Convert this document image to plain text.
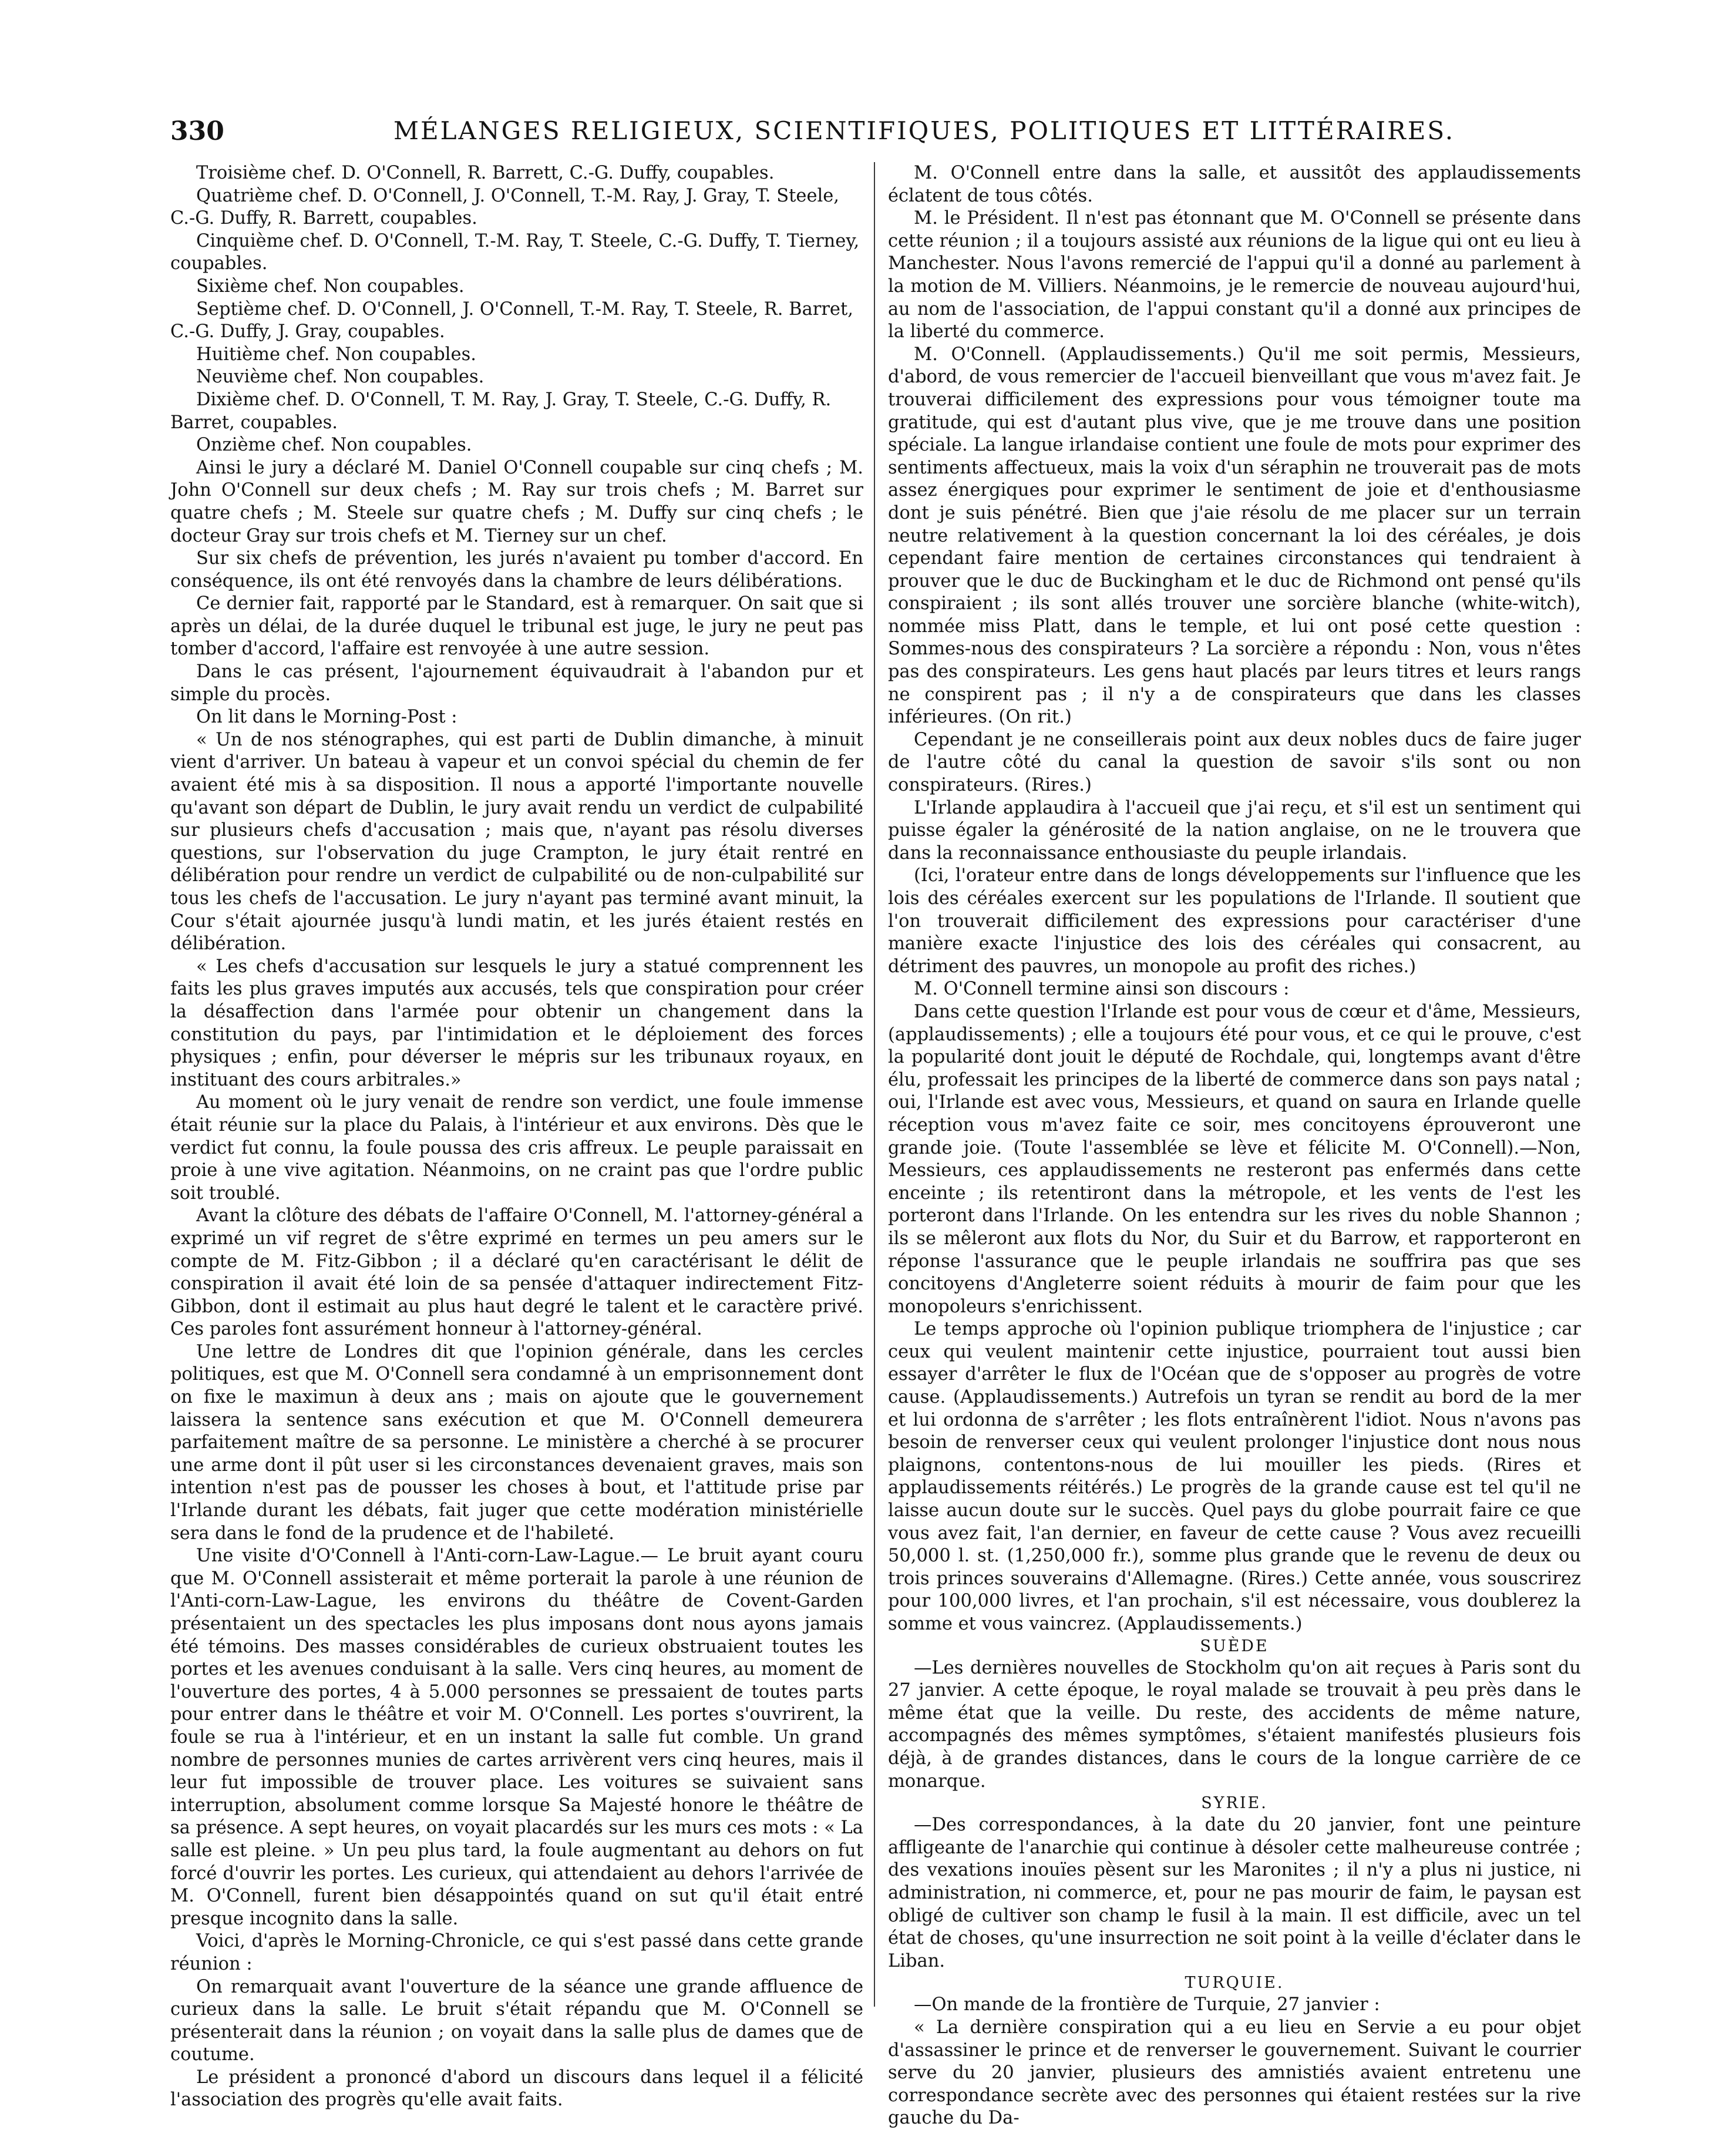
330	MÉLANGES RELIGIEUX, SCIENTIFIQUES, POLITIQUES ET LITTÉRAIRES.

Troisième chef. D. O'Connell, R. Barrett, C.-G. Duffy, coupables.

Quatrième chef. D. O'Connell, J. O'Connell, T.-M. Ray, J. Gray, T. Steele, C.-G. Duffy, R. Barrett, coupables.

Cinquième chef. D. O'Connell, T.-M. Ray, T. Steele, C.-G. Duffy, T. Tierney, coupables.

Sixième chef. Non coupables.

Septième chef. D. O'Connell, J. O'Connell, T.-M. Ray, T. Steele, R. Barret, C.-G. Duffy, J. Gray, coupables.

Huitième chef. Non coupables.

Neuvième chef. Non coupables.

Dixième chef. D. O'Connell, T. M. Ray, J. Gray, T. Steele, C.-G. Duffy, R. Barret, coupables.

Onzième chef. Non coupables.

Ainsi le jury a déclaré M. Daniel O'Connell coupable sur cinq chefs ; M. John O'Connell sur deux chefs ; M. Ray sur trois chefs ; M. Barret sur quatre chefs ; M. Steele sur quatre chefs ; M. Duffy sur cinq chefs ; le docteur Gray sur trois chefs et M. Tierney sur un chef.

Sur six chefs de prévention, les jurés n'avaient pu tomber d'accord. En conséquence, ils ont été renvoyés dans la chambre de leurs délibérations.

Ce dernier fait, rapporté par le Standard, est à remarquer. On sait que si après un délai, de la durée duquel le tribunal est juge, le jury ne peut pas tomber d'accord, l'affaire est renvoyée à une autre session.

Dans le cas présent, l'ajournement équivaudrait à l'abandon pur et simple du procès.

On lit dans le Morning-Post :

« Un de nos sténographes, qui est parti de Dublin dimanche, à minuit vient d'arriver. Un bateau à vapeur et un convoi spécial du chemin de fer avaient été mis à sa disposition. Il nous a apporté l'importante nouvelle qu'avant son départ de Dublin, le jury avait rendu un verdict de culpabilité sur plusieurs chefs d'accusation ; mais que, n'ayant pas résolu diverses questions, sur l'observation du juge Crampton, le jury était rentré en délibération pour rendre un verdict de culpabilité ou de non-culpabilité sur tous les chefs de l'accusation. Le jury n'ayant pas terminé avant minuit, la Cour s'était ajournée jusqu'à lundi matin, et les jurés étaient restés en délibération.

« Les chefs d'accusation sur lesquels le jury a statué comprennent les faits les plus graves imputés aux accusés, tels que conspiration pour créer la désaffection dans l'armée pour obtenir un changement dans la constitution du pays, par l'intimidation et le déploiement des forces physiques ; enfin, pour déverser le mépris sur les tribunaux royaux, en instituant des cours arbitrales.»

Au moment où le jury venait de rendre son verdict, une foule immense était réunie sur la place du Palais, à l'intérieur et aux environs. Dès que le verdict fut connu, la foule poussa des cris affreux. Le peuple paraissait en proie à une vive agitation. Néanmoins, on ne craint pas que l'ordre public soit troublé.

Avant la clôture des débats de l'affaire O'Connell, M. l'attorney-général a exprimé un vif regret de s'être exprimé en termes un peu amers sur le compte de M. Fitz-Gibbon ; il a déclaré qu'en caractérisant le délit de conspiration il avait été loin de sa pensée d'attaquer indirectement Fitz-Gibbon, dont il estimait au plus haut degré le talent et le caractère privé. Ces paroles font assurément honneur à l'attorney-général.

Une lettre de Londres dit que l'opinion générale, dans les cercles politiques, est que M. O'Connell sera condamné à un emprisonnement dont on fixe le maximun à deux ans ; mais on ajoute que le gouvernement laissera la sentence sans exécution et que M. O'Connell demeurera parfaitement maître de sa personne. Le ministère a cherché à se procurer une arme dont il pût user si les circonstances devenaient graves, mais son intention n'est pas de pousser les choses à bout, et l'attitude prise par l'Irlande durant les débats, fait juger que cette modération ministérielle sera dans le fond de la prudence et de l'habileté.

Une visite d'O'Connell à l'Anti-corn-Law-Lague.— Le bruit ayant couru que M. O'Connell assisterait et même porterait la parole à une réunion de l'Anti-corn-Law-Lague, les environs du théâtre de Covent-Garden présentaient un des spectacles les plus imposans dont nous ayons jamais été témoins. Des masses considérables de curieux obstruaient toutes les portes et les avenues conduisant à la salle. Vers cinq heures, au moment de l'ouverture des portes, 4 à 5.000 personnes se pressaient de toutes parts pour entrer dans le théâtre et voir M. O'Connell. Les portes s'ouvrirent, la foule se rua à l'intérieur, et en un instant la salle fut comble. Un grand nombre de personnes munies de cartes arrivèrent vers cinq heures, mais il leur fut impossible de trouver place. Les voitures se suivaient sans interruption, absolument comme lorsque Sa Majesté honore le théâtre de sa présence. A sept heures, on voyait placardés sur les murs ces mots : « La salle est pleine. » Un peu plus tard, la foule augmentant au dehors on fut forcé d'ouvrir les portes. Les curieux, qui attendaient au dehors l'arrivée de M. O'Connell, furent bien désappointés quand on sut qu'il était entré presque incognito dans la salle.

Voici, d'après le Morning-Chronicle, ce qui s'est passé dans cette grande réunion :

On remarquait avant l'ouverture de la séance une grande affluence de curieux dans la salle. Le bruit s'était répandu que M. O'Connell se présenterait dans la réunion ; on voyait dans la salle plus de dames que de coutume.

Le président a prononcé d'abord un discours dans lequel il a félicité l'association des progrès qu'elle avait faits.

M. O'Connell entre dans la salle, et aussitôt des applaudissements éclatent de tous côtés.

M. le Président. Il n'est pas étonnant que M. O'Connell se présente dans cette réunion ; il a toujours assisté aux réunions de la ligue qui ont eu lieu à Manchester. Nous l'avons remercié de l'appui qu'il a donné au parlement à la motion de M. Villiers. Néanmoins, je le remercie de nouveau aujourd'hui, au nom de l'association, de l'appui constant qu'il a donné aux principes de la liberté du commerce.

M. O'Connell. (Applaudissements.) Qu'il me soit permis, Messieurs, d'abord, de vous remercier de l'accueil bienveillant que vous m'avez fait. Je trouverai difficilement des expressions pour vous témoigner toute ma gratitude, qui est d'autant plus vive, que je me trouve dans une position spéciale. La langue irlandaise contient une foule de mots pour exprimer des sentiments affectueux, mais la voix d'un séraphin ne trouverait pas de mots assez énergiques pour exprimer le sentiment de joie et d'enthousiasme dont je suis pénétré. Bien que j'aie résolu de me placer sur un terrain neutre relativement à la question concernant la loi des céréales, je dois cependant faire mention de certaines circonstances qui tendraient à prouver que le duc de Buckingham et le duc de Richmond ont pensé qu'ils conspiraient ; ils sont allés trouver une sorcière blanche (white-witch), nommée miss Platt, dans le temple, et lui ont posé cette question : Sommes-nous des conspirateurs ? La sorcière a répondu : Non, vous n'êtes pas des conspirateurs. Les gens haut placés par leurs titres et leurs rangs ne conspirent pas ; il n'y a de conspirateurs que dans les classes inférieures. (On rit.)

Cependant je ne conseillerais point aux deux nobles ducs de faire juger de l'autre côté du canal la question de savoir s'ils sont ou non conspirateurs. (Rires.)

L'Irlande applaudira à l'accueil que j'ai reçu, et s'il est un sentiment qui puisse égaler la générosité de la nation anglaise, on ne le trouvera que dans la reconnaissance enthousiaste du peuple irlandais.

(Ici, l'orateur entre dans de longs développements sur l'influence que les lois des céréales exercent sur les populations de l'Irlande. Il soutient que l'on trouverait difficilement des expressions pour caractériser d'une manière exacte l'injustice des lois des céréales qui consacrent, au détriment des pauvres, un monopole au profit des riches.)

M. O'Connell termine ainsi son discours :

Dans cette question l'Irlande est pour vous de cœur et d'âme, Messieurs, (applaudissements) ; elle a toujours été pour vous, et ce qui le prouve, c'est la popularité dont jouit le député de Rochdale, qui, longtemps avant d'être élu, professait les principes de la liberté de commerce dans son pays natal ; oui, l'Irlande est avec vous, Messieurs, et quand on saura en Irlande quelle réception vous m'avez faite ce soir, mes concitoyens éprouveront une grande joie. (Toute l'assemblée se lève et félicite M. O'Connell).—Non, Messieurs, ces applaudissements ne resteront pas enfermés dans cette enceinte ; ils retentiront dans la métropole, et les vents de l'est les porteront dans l'Irlande. On les entendra sur les rives du noble Shannon ; ils se mêleront aux flots du Nor, du Suir et du Barrow, et rapporteront en réponse l'assurance que le peuple irlandais ne souffrira pas que ses concitoyens d'Angleterre soient réduits à mourir de faim pour que les monopoleurs s'enrichissent.

Le temps approche où l'opinion publique triomphera de l'injustice ; car ceux qui veulent maintenir cette injustice, pourraient tout aussi bien essayer d'arrêter le flux de l'Océan que de s'opposer au progrès de votre cause. (Applaudissements.) Autrefois un tyran se rendit au bord de la mer et lui ordonna de s'arrêter ; les flots entraînèrent l'idiot. Nous n'avons pas besoin de renverser ceux qui veulent prolonger l'injustice dont nous nous plaignons, contentons-nous de lui mouiller les pieds. (Rires et applaudissements réitérés.) Le progrès de la grande cause est tel qu'il ne laisse aucun doute sur le succès. Quel pays du globe pourrait faire ce que vous avez fait, l'an dernier, en faveur de cette cause ? Vous avez recueilli 50,000 l. st. (1,250,000 fr.), somme plus grande que le revenu de deux ou trois princes souverains d'Allemagne. (Rires.) Cette année, vous souscrirez pour 100,000 livres, et l'an prochain, s'il est nécessaire, vous doublerez la somme et vous vaincrez. (Applaudissements.)

SUÈDE

—Les dernières nouvelles de Stockholm qu'on ait reçues à Paris sont du 27 janvier. A cette époque, le royal malade se trouvait à peu près dans le même état que la veille. Du reste, des accidents de même nature, accompagnés des mêmes symptômes, s'étaient manifestés plusieurs fois déjà, à de grandes distances, dans le cours de la longue carrière de ce monarque.

SYRIE.

—Des correspondances, à la date du 20 janvier, font une peinture affligeante de l'anarchie qui continue à désoler cette malheureuse contrée ; des vexations inouïes pèsent sur les Maronites ; il n'y a plus ni justice, ni administration, ni commerce, et, pour ne pas mourir de faim, le paysan est obligé de cultiver son champ le fusil à la main. Il est difficile, avec un tel état de choses, qu'une insurrection ne soit point à la veille d'éclater dans le Liban.

TURQUIE.

—On mande de la frontière de Turquie, 27 janvier :

« La dernière conspiration qui a eu lieu en Servie a eu pour objet d'assassiner le prince et de renverser le gouvernement. Suivant le courrier serve du 20 janvier, plusieurs des amnistiés avaient entretenu une correspondance secrète avec des personnes qui étaient restées sur la rive gauche du Da-
